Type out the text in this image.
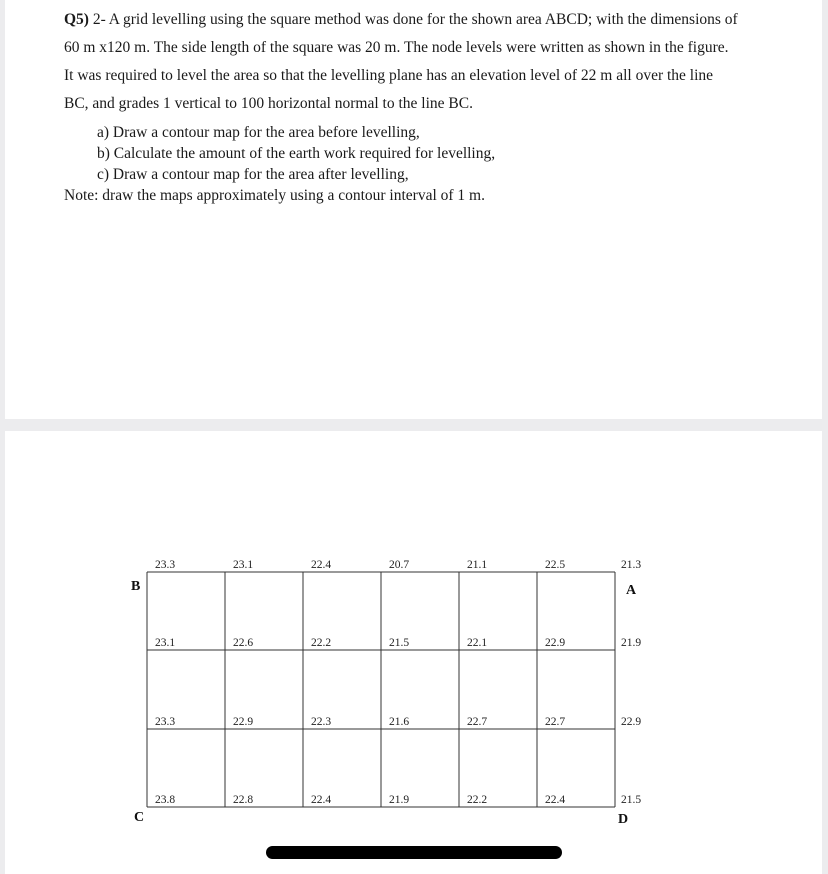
Q5) 2- A grid levelling using the square method was done for the shown area ABCD; with the dimensions of

60 m x120 m. The side length of the square was 20 m. The node levels were written as shown in the figure.

It was required to level the area so that the levelling plane has an elevation level of 22 m all over the line

BC, and grades 1 vertical to 100 horizontal normal to the line BC.

a) Draw a contour map for the area before levelling,
b) Calculate the amount of the earth work required for levelling,
c) Draw a contour map for the area after levelling,
Note: draw the maps approximately using a contour interval of 1 m.
23.3	23.1	22.4	20.7	21.1	22.5	21.3
23.1	22.6	22.2	21.5	22.1	22.9	21.9
23.3	22.9	22.3	21.6	22.7	22.7	22.9
23.8	22.8	22.4	21.9	22.2	22.4	21.5
B	A
C	D
